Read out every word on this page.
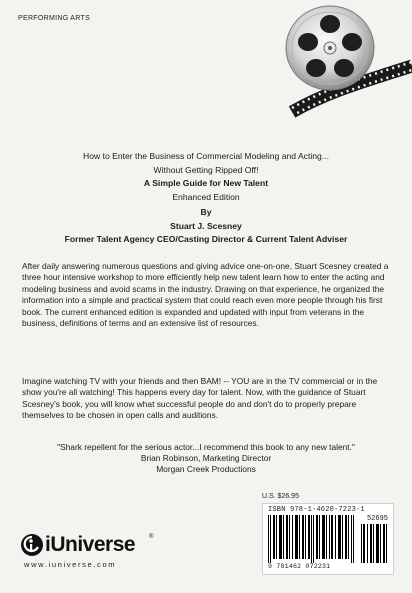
PERFORMING ARTS
How to Enter the Business of Commercial Modeling and Acting...
Without Getting Ripped Off!
A Simple Guide for New Talent
Enhanced Edition
By
Stuart J. Scesney
Former Talent Agency CEO/Casting Director & Current Talent Adviser
After daily answering numerous questions and giving advice one-on-one, Stuart Scesney created a three hour intensive workshop to more efficiently help new talent learn how to enter the acting and modeling business and avoid scams in the industry. Drawing on that experience, he organized the information into a simple and practical system that could reach even more people through his first book. The current enhanced edition is expanded and updated with input from veterans in the business, definitions of terms and an extensive list of resources.
Imagine watching TV with your friends and then BAM! -- YOU are in the TV commercial or in the show you're all watching! This happens every day for talent. Now, with the guidance of Stuart Scesney's book, you will know what successful people do and don't do to properly prepare themselves to be chosen in open calls and auditions.
"Shark repellent for the serious actor...I recommend this book to any new talent."
Brian Robinson, Marketing Director
Morgan Creek Productions
U.S. $26.95
ISBN 978-1-4620-7223-1
52695
9 781462 072231
iUniverse ®
www.iuniverse.com
